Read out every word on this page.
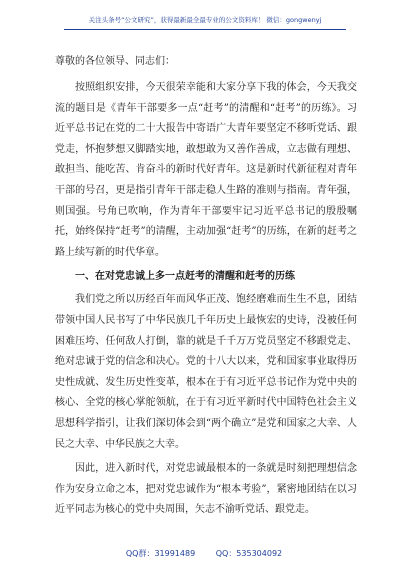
关注头条号“公文研究”，获得最新最全最专业的公文资料库！ 微信：gongwenyj

尊敬的各位领导、同志们：

按照组织安排，今天很荣幸能和大家分享下我的体会，今天我交流的题目是《青年干部要多一点“赶考”的清醒和“赶考”的历练》。习近平总书记在党的二十大报告中寄语广大青年要坚定不移听党话、跟党走，怀抱梦想又脚踏实地，敢想敢为又善作善成，立志做有理想、敢担当、能吃苦、肯奋斗的新时代好青年。这是新时代新征程对青年干部的号召，更是指引青年干部走稳人生路的准则与指南。青年强，则国强。号角已吹响，作为青年干部要牢记习近平总书记的殷殷嘱托，始终保持“赶考”的清醒，主动加强“赶考”的历练，在新的赶考之路上续写新的时代华章。

一、在对党忠诚上多一点赶考的清醒和赶考的历练

我们党之所以历经百年而风华正茂、饱经磨难而生生不息，团结带领中国人民书写了中华民族几千年历史上最恢宏的史诗，没被任何困难压垮、任何敌人打倒，靠的就是千千万万党员坚定不移跟党走、绝对忠诚于党的信念和决心。党的十八大以来，党和国家事业取得历史性成就、发生历史性变革，根本在于有习近平总书记作为党中央的核心、全党的核心掌舵领航，在于有习近平新时代中国特色社会主义思想科学指引，让我们深切体会到“两个确立”是党和国家之大幸、人民之大幸、中华民族之大幸。

因此，进入新时代，对党忠诚最根本的一条就是时刻把理想信念作为安身立命之本，把对党忠诚作为“根本考验”，紧密地团结在以习近平同志为核心的党中央周围，矢志不渝听党话、跟党走。

QQ群：31991489	QQ：535304092
